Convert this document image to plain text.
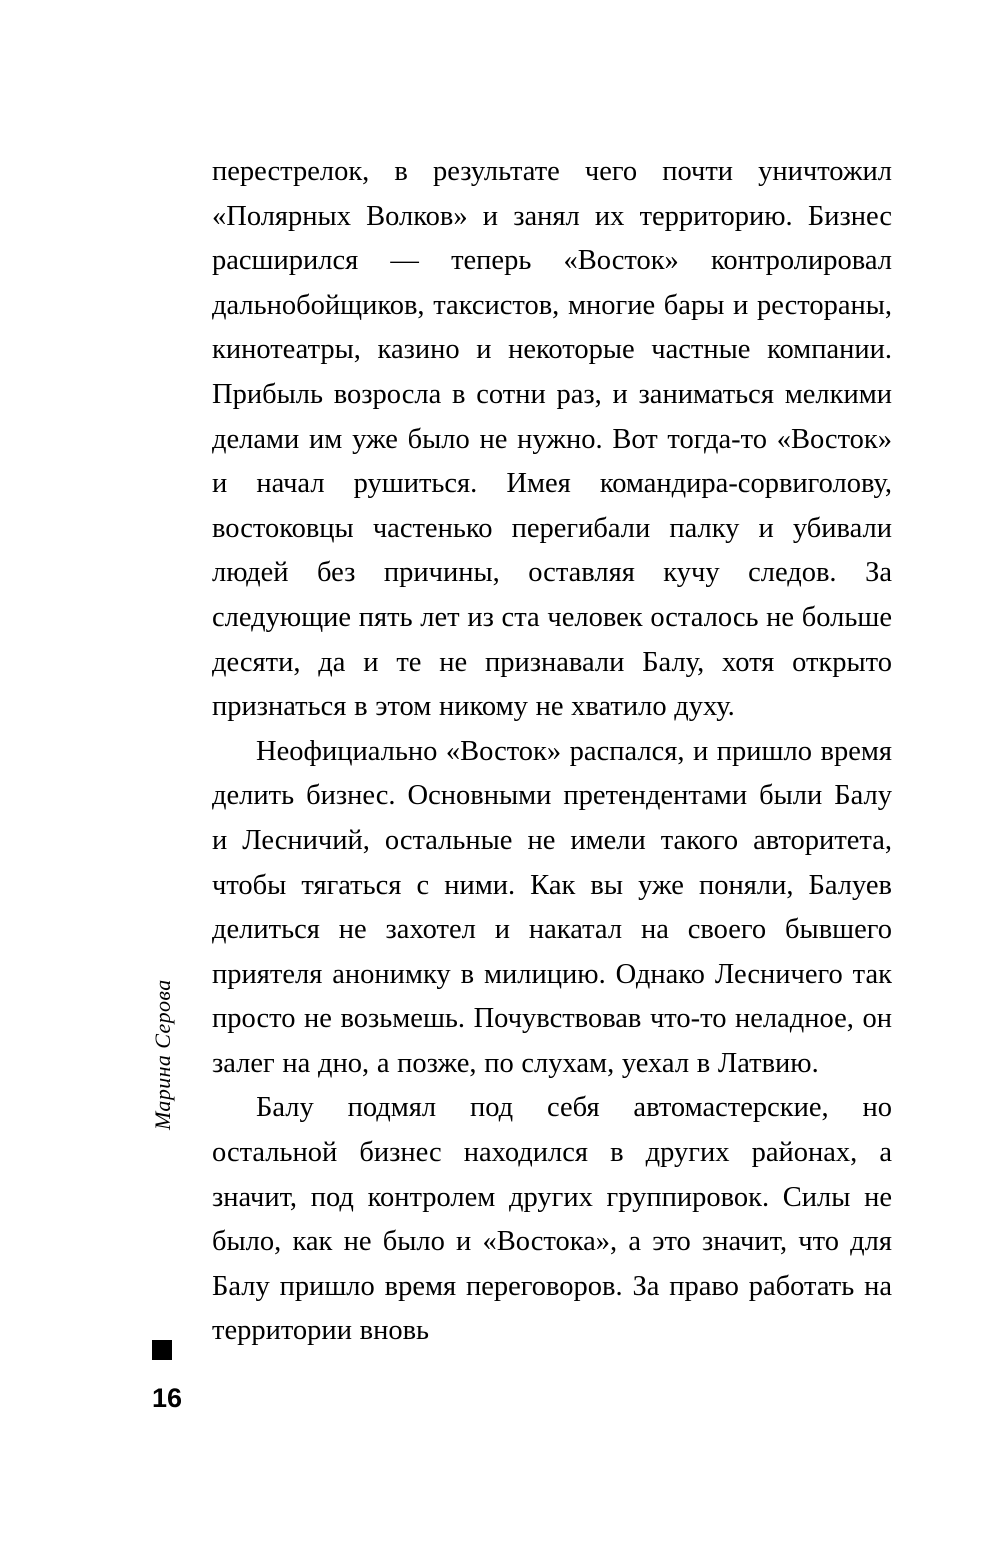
Марина Серова
16

перестрелок, в результате чего почти уничтожил «Полярных Волков» и занял их территорию. Бизнес расширился — теперь «Восток» контролировал дальнобойщиков, таксистов, многие бары и рестораны, кинотеатры, казино и некоторые частные компании. Прибыль возросла в сотни раз, и заниматься мелкими делами им уже было не нужно. Вот тогда-то «Восток» и начал рушиться. Имея командира-сорвиголову, востоковцы частенько перегибали палку и убивали людей без причины, оставляя кучу следов. За следующие пять лет из ста человек осталось не больше десяти, да и те не признавали Балу, хотя открыто признаться в этом никому не хватило духу.

Неофициально «Восток» распался, и пришло время делить бизнес. Основными претендентами были Балу и Лесничий, остальные не имели такого авторитета, чтобы тягаться с ними. Как вы уже поняли, Балуев делиться не захотел и накатал на своего бывшего приятеля анонимку в милицию. Однако Лесничего так просто не возьмешь. Почувствовав что-то неладное, он залег на дно, а позже, по слухам, уехал в Латвию.

Балу подмял под себя автомастерские, но остальной бизнес находился в других районах, а значит, под контролем других группировок. Силы не было, как не было и «Востока», а это значит, что для Балу пришло время переговоров. За право работать на территории вновь
